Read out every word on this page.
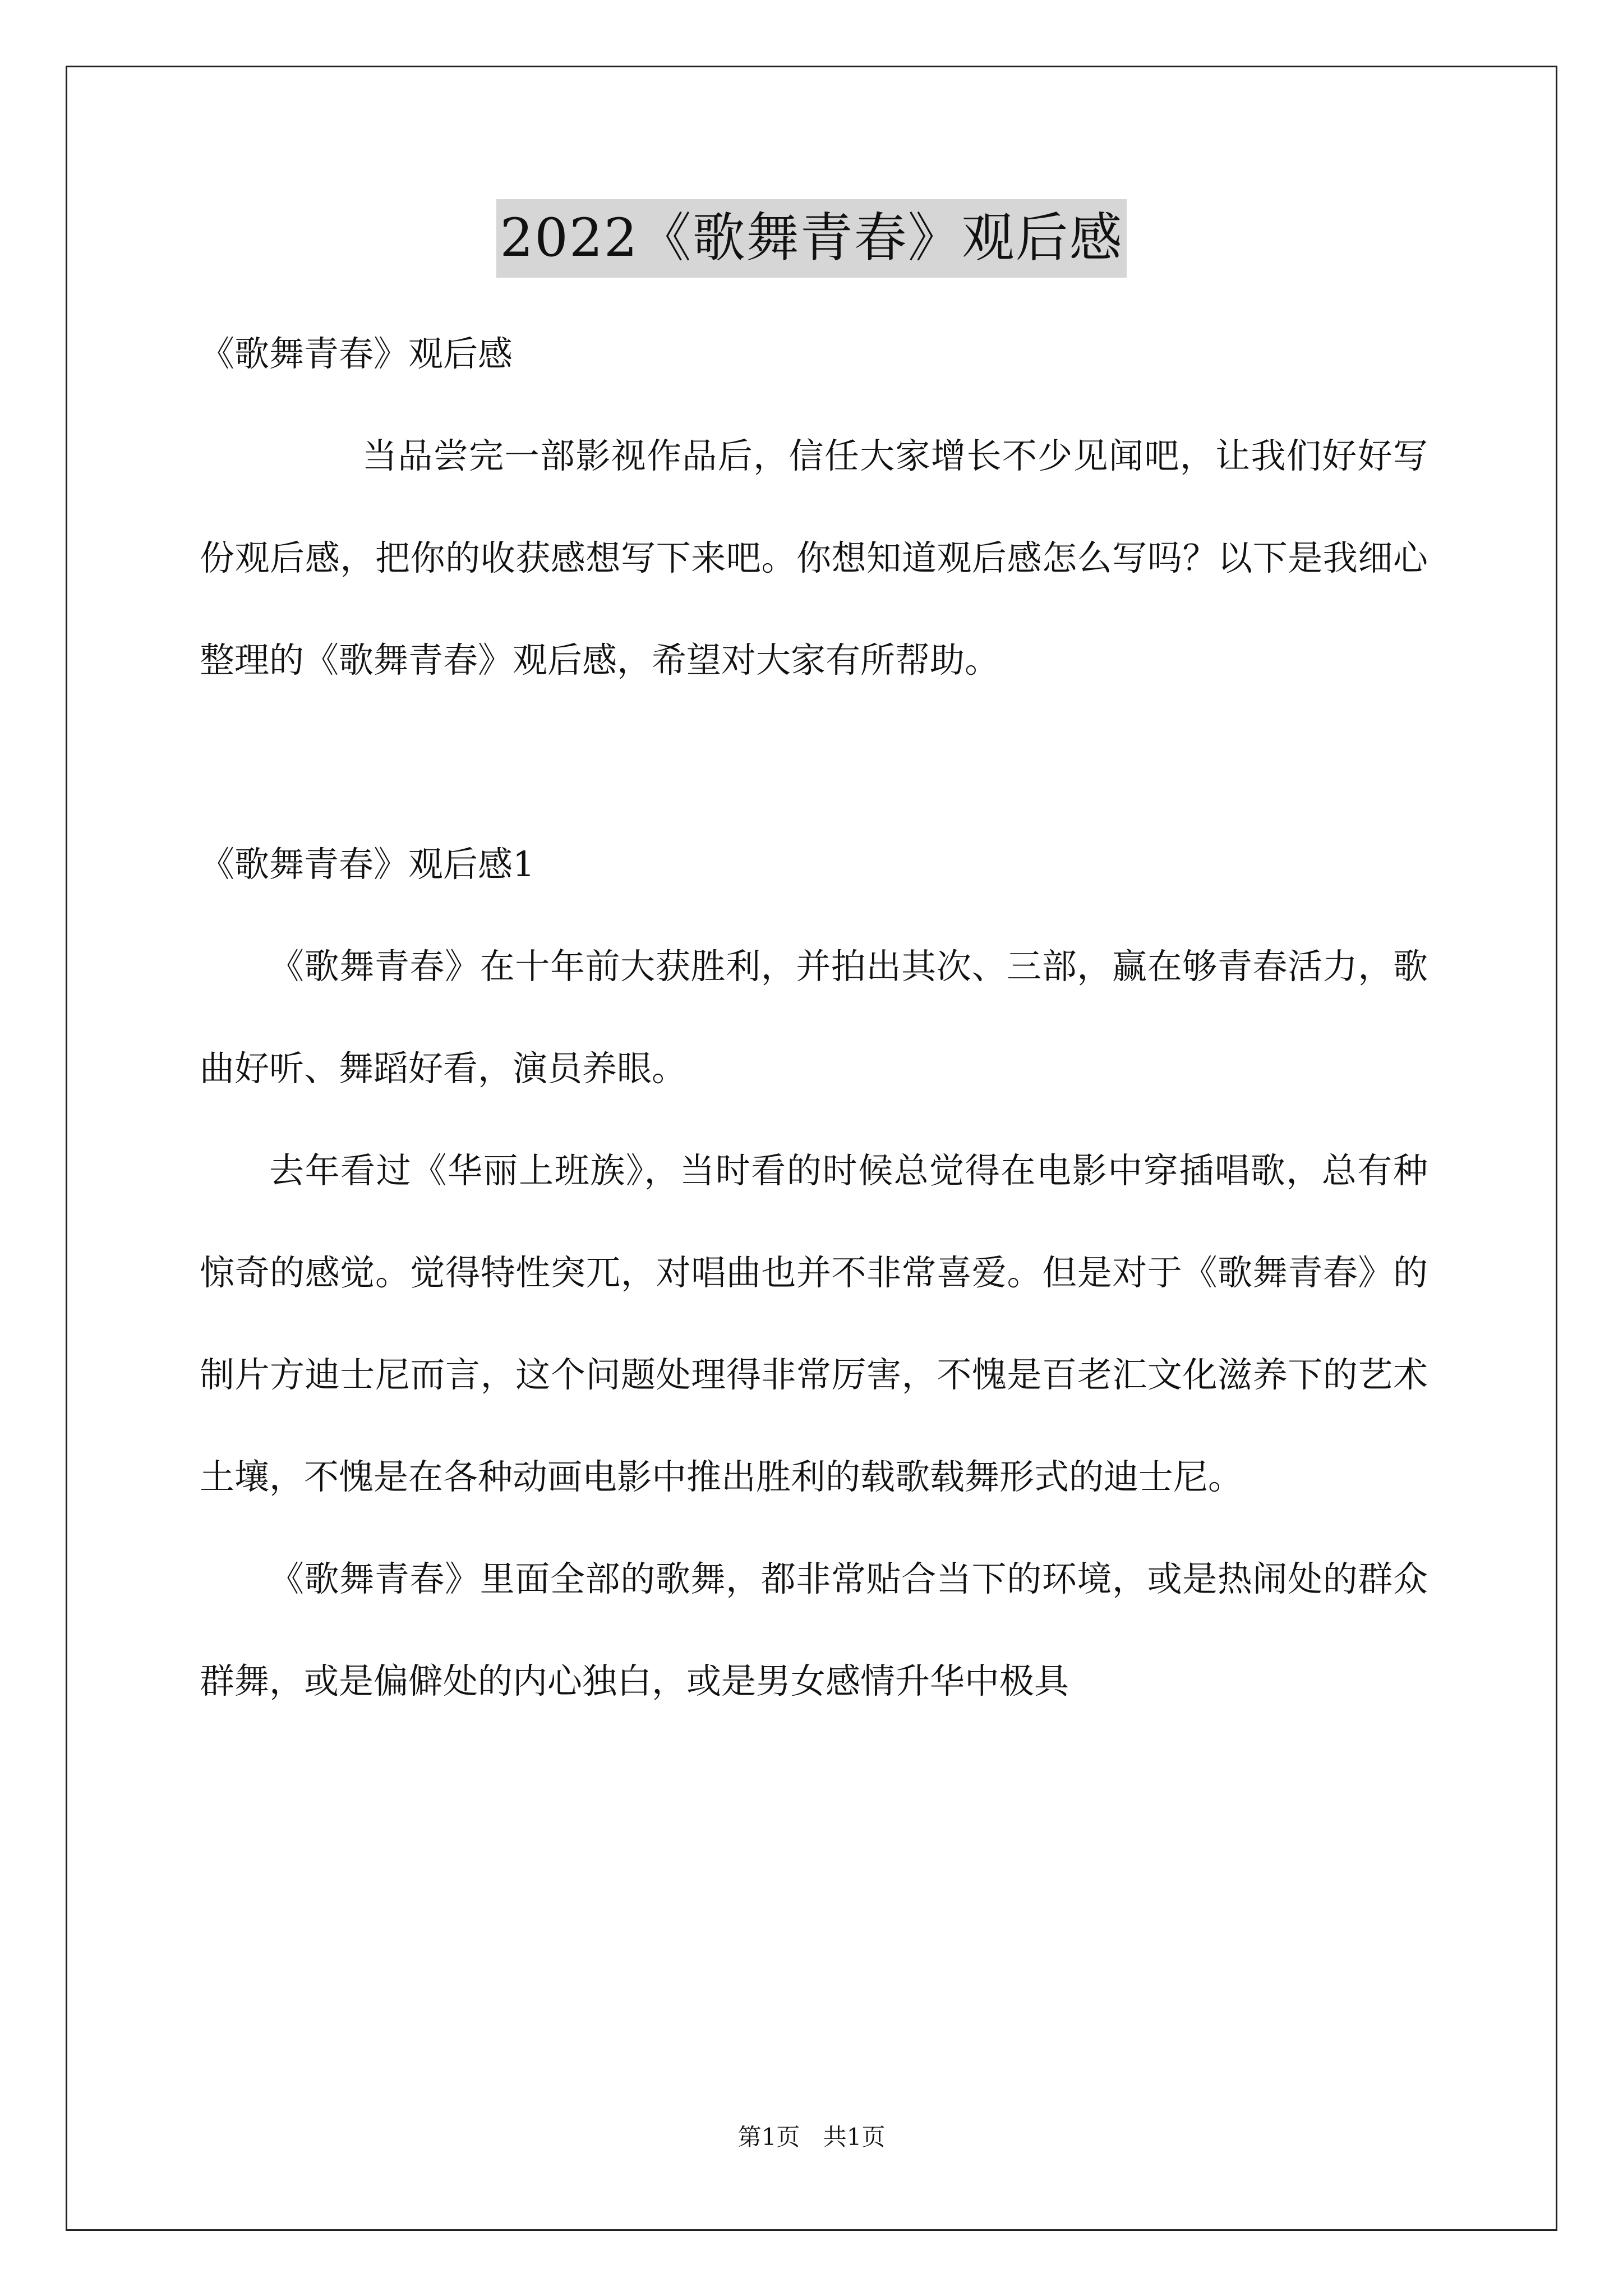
2022《歌舞青春》观后感

《歌舞青春》观后感

当品尝完一部影视作品后，信任大家增长不少见闻吧，让我们好好写份观后感，把你的收获感想写下来吧。你想知道观后感怎么写吗？以下是我细心整理的《歌舞青春》观后感，希望对大家有所帮助。

《歌舞青春》观后感1

《歌舞青春》在十年前大获胜利，并拍出其次、三部，赢在够青春活力，歌曲好听、舞蹈好看，演员养眼。

去年看过《华丽上班族》，当时看的时候总觉得在电影中穿插唱歌，总有种惊奇的感觉。觉得特性突兀，对唱曲也并不非常喜爱。但是对于《歌舞青春》的制片方迪士尼而言，这个问题处理得非常厉害，不愧是百老汇文化滋养下的艺术土壤，不愧是在各种动画电影中推出胜利的载歌载舞形式的迪士尼。

《歌舞青春》里面全部的歌舞，都非常贴合当下的环境，或是热闹处的群众群舞，或是偏僻处的内心独白，或是男女感情升华中极具

第1页 共1页
